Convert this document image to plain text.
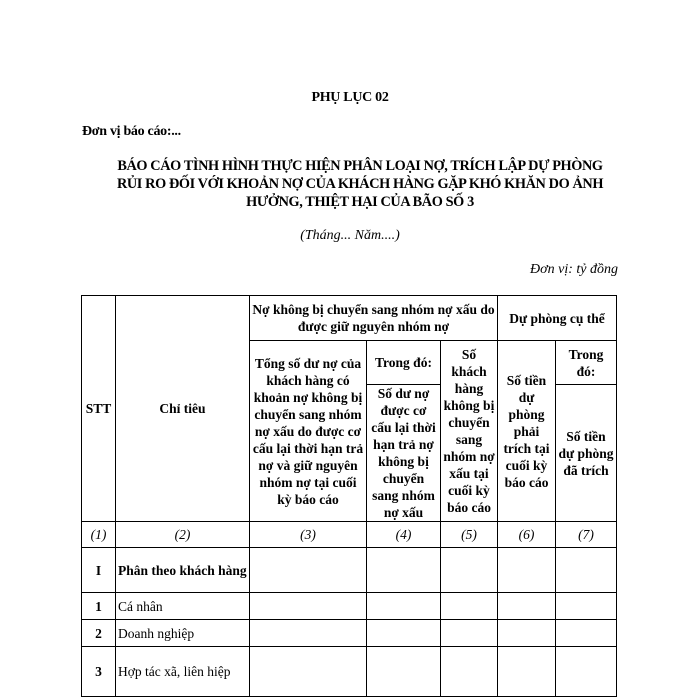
PHỤ LỤC 02
Đơn vị báo cáo:...
BÁO CÁO TÌNH HÌNH THỰC HIỆN PHÂN LOẠI NỢ, TRÍCH LẬP DỰ PHÒNG
RỦI RO ĐỐI VỚI KHOẢN NỢ CỦA KHÁCH HÀNG GẶP KHÓ KHĂN DO ẢNH
HƯỞNG, THIỆT HẠI CỦA BÃO SỐ 3
(Tháng... Năm....)
Đơn vị: tỷ đồng
STT	Chỉ tiêu	Nợ không bị chuyển sang nhóm nợ xấu do được giữ nguyên nhóm nợ			Dự phòng cụ thể	
		Tổng số dư nợ của khách hàng có khoản nợ không bị chuyển sang nhóm nợ xấu do được cơ cấu lại thời hạn trả nợ và giữ nguyên nhóm nợ tại cuối kỳ báo cáo	Trong đó:	Số khách hàng không bị chuyển sang nhóm nợ xấu tại cuối kỳ báo cáo	Số tiền dự phòng phải trích tại cuối kỳ báo cáo	Trong đó:
			Số dư nợ được cơ cấu lại thời hạn trả nợ không bị chuyển sang nhóm nợ xấu			Số tiền dự phòng đã trích

(1)	(2)	(3)	(4)	(5)	(6)	(7)
I	Phân theo khách hàng					
1	Cá nhân					
2	Doanh nghiệp					
3	Hợp tác xã, liên hiệp					
